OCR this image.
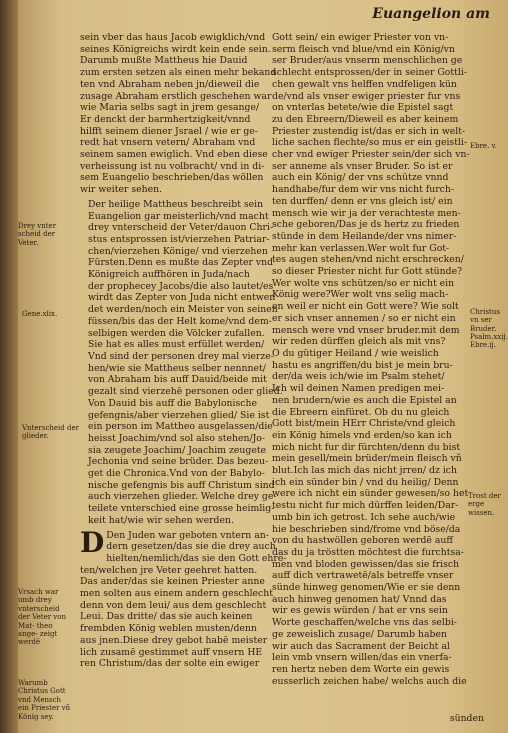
Euangelion am
sein vber das haus Jacob ewigklich/vnd
seines Königreichs wirdt kein ende sein.
Darumb mußte Mattheus hie Dauid
zum ersten setzen als einen mehr bekand
ten vnd Abraham neben jn/dieweil die
zusage Abraham erstlich geschehen war
wie Maria selbs sagt in jrem gesange/
Er denckt der barmhertzigkeit/vnnd
hilfft seinem diener Jsrael / wie er ge-
redt hat vnsern vetern/ Abraham vnd
seinem samen ewiglich. Vnd eben diese
verheissung ist nu volbracht/ vnd in di-
sem Euangelio beschrieben/das wöllen
wir weiter sehen.
Der heilige Mattheus beschreibt sein
Euangelion gar meisterlich/vnd macht
drey vnterscheid der Veter/dauon Chri-
stus entsprossen ist/vierzehen Patriar-
chen/vierzehen Könige/ vnd vierzehen
Fürsten.Denn es mußte das Zepter vnd
Königreich auffhören in Juda/nach
der prophecey Jacobs/die also lautet/es
wirdt das Zepter von Juda nicht entwen
det werden/noch ein Meister von seinen
füssen/bis das der Helt kome/vnd dem-
selbigen werden die Völcker zufallen.
Sie hat es alles must erfüllet werden/
Vnd sind der personen drey mal vierze-
hen/wie sie Mattheus selber nennnet/
von Abraham bis auff Dauid/beide mit
gezalt sind vierzehē personen oder glied.
Von Dauid bis auff die Babylonische
gefengnis/aber vierzehen glied/ Sie ist
ein person im Mattheo ausgelassen/die
heisst Joachim/vnd sol also stehen/Jo-
sia zeugete Joachim/ Joachim zeugete
Jechonia vnd seine brüder. Das bezeu-
get die Chronica.Vnd von der Babylo-
nische gefengnis bis auff Christum sind
auch vierzehen glieder. Welche drey ge-
teilete vnterschied eine grosse heimlig-
keit hat/wie wir sehen werden.
D Den Juden war geboten vntern an-
dern gesetzen/das sie die drey auch
hielten/nemlich/das sie den Gott ehre-
ten/welchen jre Veter geehret hatten.
Das ander/das sie keinen Priester anne
men solten aus einem andern geschlecht
denn von dem leui/ aus dem geschlecht
Leui. Das dritte/ das sie auch keinen
frembden König weblen musten/denn
aus jnen.Diese drey gebot habē meister
lich zusamē gestimmet auff vnsern HE
ren Christum/das der solte ein ewiger
Gott sein/ ein ewiger Priester von vn-
serm fleisch vnd blue/vnd ein König/vn
ser Bruder/aus vnserm menschlichen ge
schlecht entsprossen/der in seiner Gottli-
chen gewalt vns helffen vndfeligen kün
de/vnd als vnser ewiger priester fur vns
on vnterlas betete/wie die Epistel sagt
zu den Ebreern/Dieweil es aber keinem
Priester zustendig ist/das er sich in welt-
liche sachen flechte/so mus er ein geistli-
cher vnd ewiger Priester sein/der sich vn-
ser anneme als vnser Bruder. So ist er
auch ein König/ der vns schütze vnnd
handhabe/fur dem wir vns nicht furch-
ten durffen/ denn er vns gleich ist/ ein
mensch wie wir ja der verachteste men-
sche geboren/Das je ds hertz zu frieden
stünde in dem Heilande/der vns nimer-
mehr kan verlassen.Wer wolt fur Got-
tes augen stehen/vnd nicht erschrecken/
so dieser Priester nicht fur Gott stünde?
Wer wolte vns schützen/so er nicht ein
König were?Wer wolt vns selig mach-
en weil er nicht ein Gott were? Wie solt
er sich vnser annemen / so er nicht ein
mensch were vnd vnser bruder.mit dem
wir reden dürffen gleich als mit vns?
O du gütiger Heiland / wie weislich
hastu es angriffen/du bist je mein bru-
der/da weis ich/wie im Psalm stehet/
Ich wil deinen Namen predigen mei-
nen brudern/wie es auch die Epistel an
die Ebreern einfüret. Ob du nu gleich
Gott bist/mein HErr Christe/vnd gleich
ein König himels vnd erden/so kan ich
mich nicht fur dir fürchten/denn du bist
mein gesell/mein brüder/mein fleisch vñ
blut.Ich las mich das nicht jrren/ dz ich
ich ein sünder bin / vnd du heilig/ Denn
were ich nicht ein sünder gewesen/so het
testu nicht fur mich dürffen leiden/Dar-
umb bin ich getrost. Ich sehe auch/wie
hie beschrieben sind/frome vnd böse/da
von du hastwöllen geboren werdē auff
das du ja tröstten möchtest die furchtsa-
men vnd bloden gewissen/das sie frisch
auff dich vertrawetē/als betreffe vnser
sünde hinweg genomen/Wie er sie denn
auch hinweg genomen hat/ Vnnd das
wir es gewis würden / hat er vns sein
Worte geschaffen/welche vns das selbi-
ge zeweislich zusage/ Darumb haben
wir auch das Sacrament der Beicht al
lein vmb vnsern willen/das ein vnerfa-
ren hertz neben dem Worte ein gewis
eusserlich zeichen habe/ welchs auch die
Drey vnter scheid der Veter.
Gene.xlix.
Vnterscheid der glieder.
Vrsach war umb drey vnterscheid der Veter von Mat- theo ange- zeigt werdē
Warumb Christus Gott vnd Mensch ein Priester vñ König sey.
Ebre. v.
Christus vn ser Bruder.
Psalm.xxij. Ebre.ij.
Trost der erge wissen.
sünden
